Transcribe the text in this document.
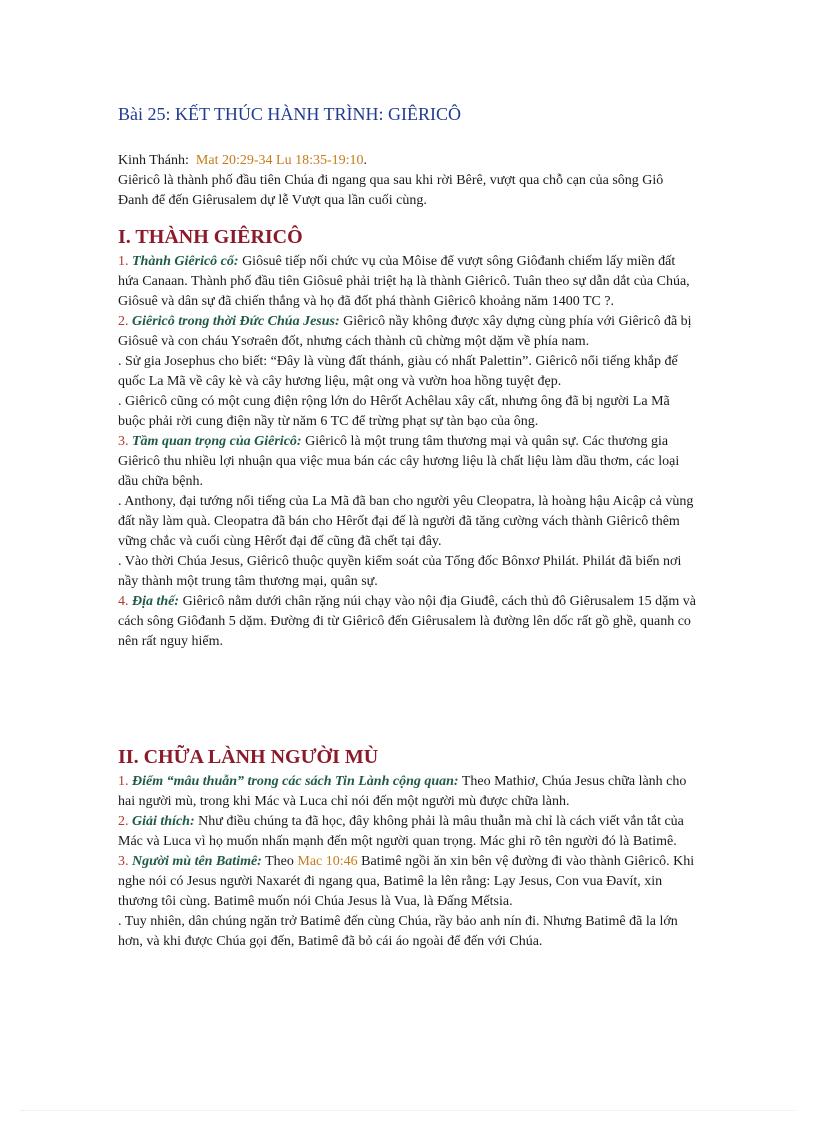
Bài 25: KẾT THÚC HÀNH TRÌNH: GIÊRICÔ

Kinh Thánh: Mat 20:29-34 Lu 18:35-19:10.

Giêricô là thành phố đầu tiên Chúa đi ngang qua sau khi rời Bêrê, vượt qua chỗ cạn của sông Giô Đanh để đến Giêrusalem dự lễ Vượt qua lần cuối cùng.

I. THÀNH GIÊRICÔ

1. Thành Giêricô cổ: Giôsuê tiếp nối chức vụ của Môise để vượt sông Giôđanh chiếm lấy miền đất hứa Canaan. Thành phố đầu tiên Giôsuê phải triệt hạ là thành Giêricô. Tuân theo sự dẫn dắt của Chúa, Giôsuê và dân sự đã chiến thắng và họ đã đốt phá thành Giêricô khoảng năm 1400 TC ?.

2. Giêricô trong thời Đức Chúa Jesus: Giêricô nầy không được xây dựng cùng phía với Giêricô đã bị Giôsuê và con cháu Ysơraên đốt, nhưng cách thành cũ chừng một dặm về phía nam.

. Sử gia Josephus cho biết: “Đây là vùng đất thánh, giàu có nhất Palettin”. Giêricô nổi tiếng khắp đế quốc La Mã về cây kè và cây hương liệu, mật ong và vườn hoa hồng tuyệt đẹp.

. Giêricô cũng có một cung điện rộng lớn do Hêrốt Achêlau xây cất, nhưng ông đã bị người La Mã buộc phải rời cung điện nầy từ năm 6 TC để trừng phạt sự tàn bạo của ông.

3. Tầm quan trọng của Giêricô: Giêricô là một trung tâm thương mại và quân sự. Các thương gia Giêricô thu nhiều lợi nhuận qua việc mua bán các cây hương liệu là chất liệu làm dầu thơm, các loại dầu chữa bệnh.

. Anthony, đại tướng nổi tiếng của La Mã đã ban cho người yêu Cleopatra, là hoàng hậu Aicập cả vùng đất nầy làm quà. Cleopatra đã bán cho Hêrốt đại đế là người đã tăng cường vách thành Giêricô thêm vững chắc và cuối cùng Hêrốt đại đế cũng đã chết tại đây.

. Vào thời Chúa Jesus, Giêricô thuộc quyền kiểm soát của Tổng đốc Bônxơ Philát. Philát đã biến nơi nầy thành một trung tâm thương mại, quân sự.

4. Địa thế: Giêricô nằm dưới chân rặng núi chạy vào nội địa Giuđê, cách thủ đô Giêrusalem 15 dặm và cách sông Giôđanh 5 dặm. Đường đi từ Giêricô đến Giêrusalem là đường lên dốc rất gồ ghề, quanh co nên rất nguy hiểm.

II. CHỮA LÀNH NGƯỜI MÙ

1. Điểm “mâu thuẫn” trong các sách Tin Lành cộng quan: Theo Mathiơ, Chúa Jesus chữa lành cho hai người mù, trong khi Mác và Luca chỉ nói đến một người mù được chữa lành.

2. Giải thích: Như điều chúng ta đã học, đây không phải là mâu thuẫn mà chỉ là cách viết vắn tắt của Mác và Luca vì họ muốn nhấn mạnh đến một người quan trọng. Mác ghi rõ tên người đó là Batimê.

3. Người mù tên Batimê: Theo Mac 10:46 Batimê ngồi ăn xin bên vệ đường đi vào thành Giêricô. Khi nghe nói có Jesus người Naxarét đi ngang qua, Batimê la lên rằng: Lạy Jesus, Con vua Đavít, xin thương tôi cùng. Batimê muốn nói Chúa Jesus là Vua, là Đấng Mếtsia.

. Tuy nhiên, dân chúng ngăn trở Batimê đến cùng Chúa, rầy bảo anh nín đi. Nhưng Batimê đã la lớn hơn, và khi được Chúa gọi đến, Batimê đã bỏ cái áo ngoài để đến với Chúa.
